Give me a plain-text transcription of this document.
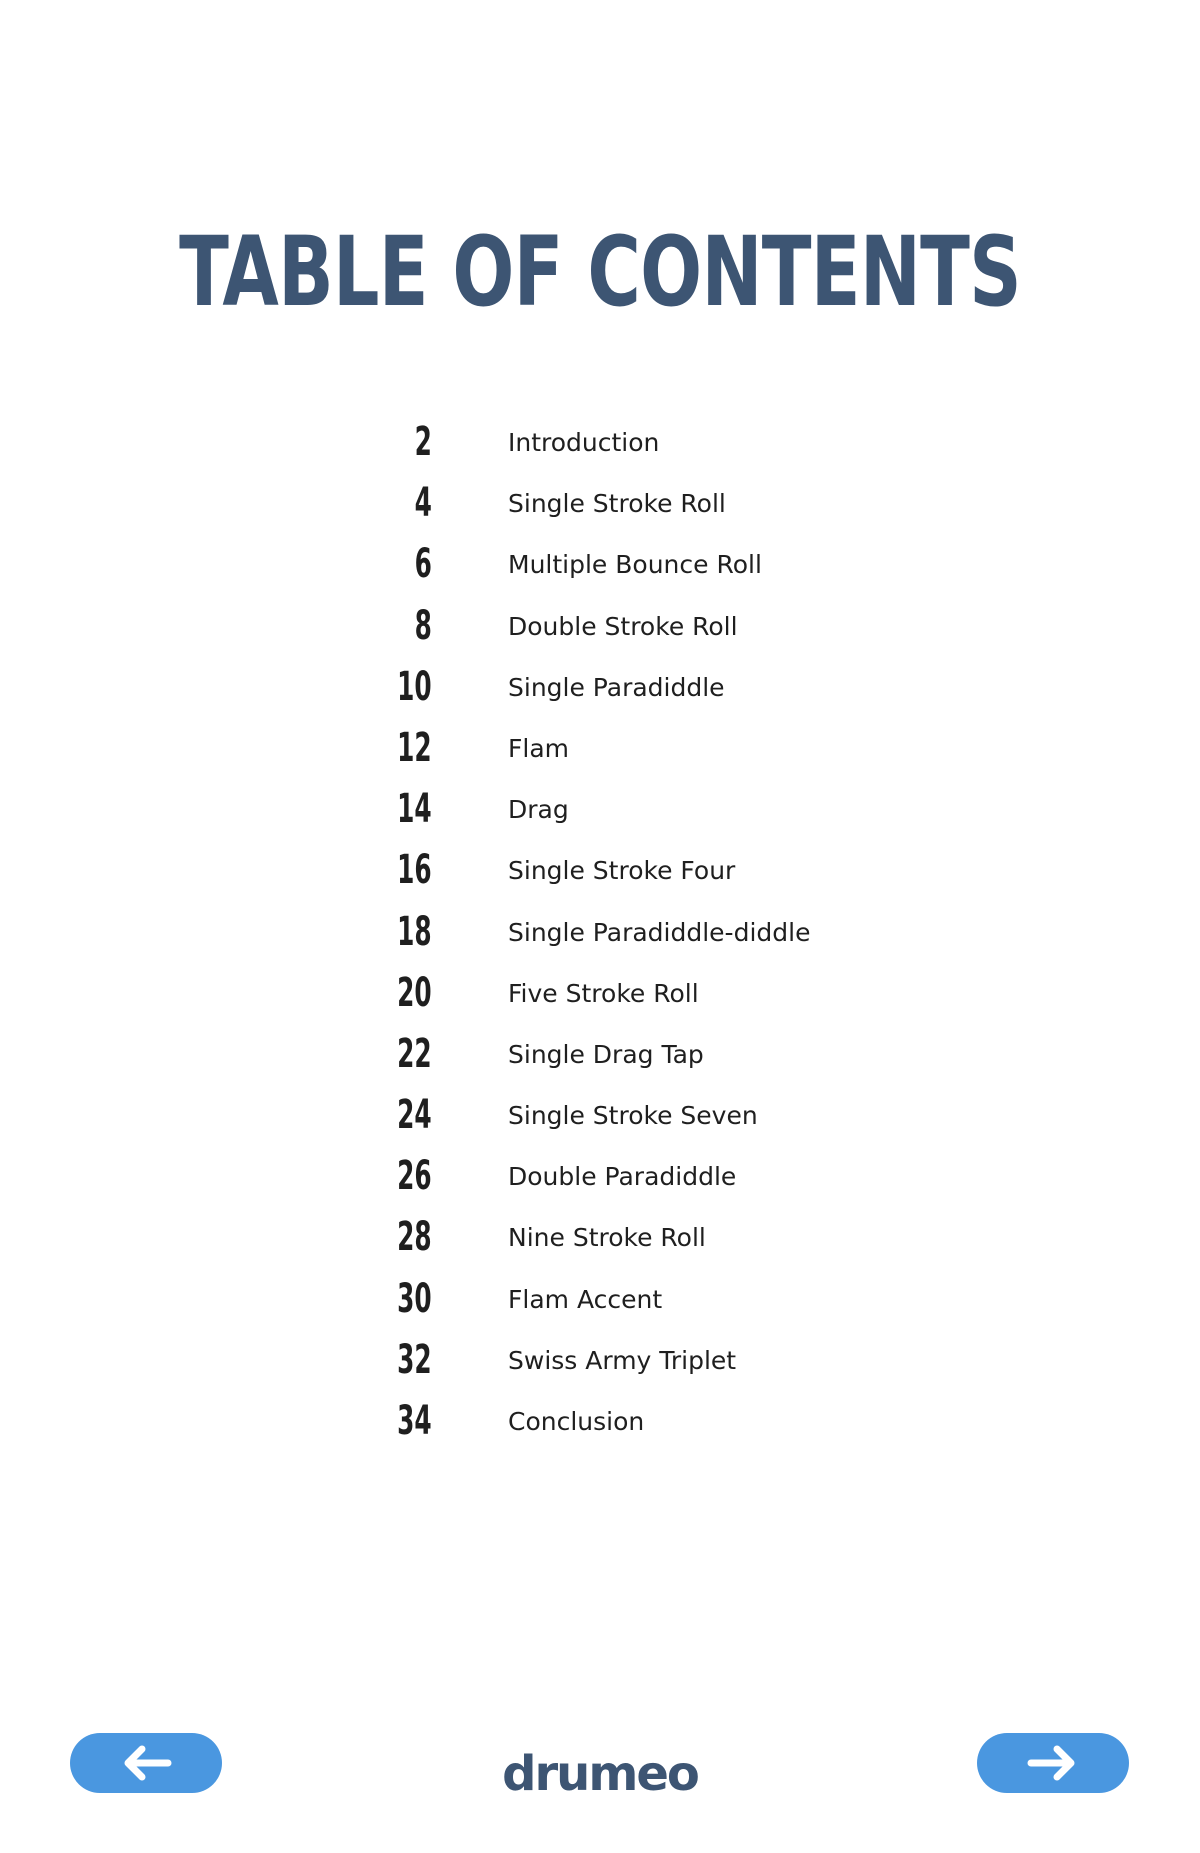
TABLE OF CONTENTS
2	Introduction
4	Single Stroke Roll
6	Multiple Bounce Roll
8	Double Stroke Roll
10	Single Paradiddle
12	Flam
14	Drag
16	Single Stroke Four
18	Single Paradiddle-diddle
20	Five Stroke Roll
22	Single Drag Tap
24	Single Stroke Seven
26	Double Paradiddle
28	Nine Stroke Roll
30	Flam Accent
32	Swiss Army Triplet
34	Conclusion
drumeo
